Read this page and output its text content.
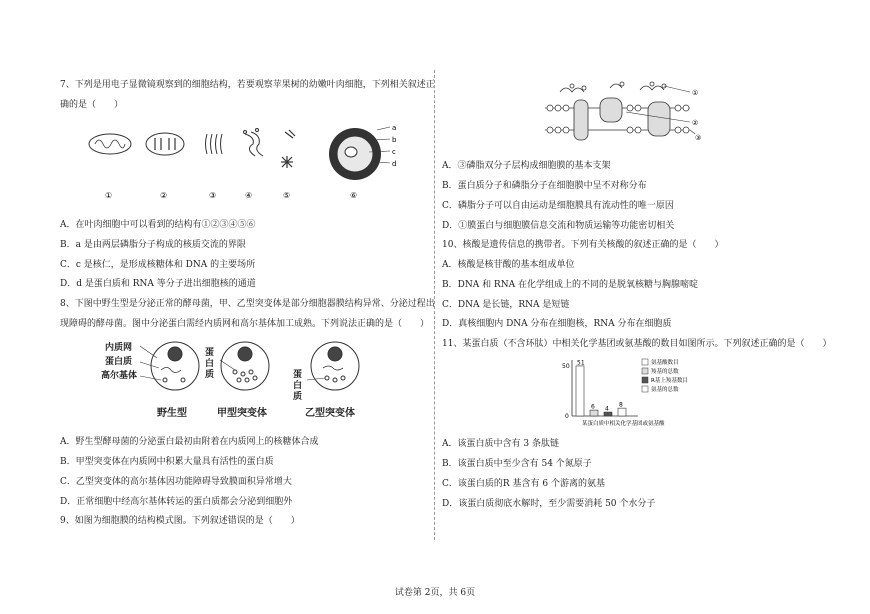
7、下列是用电子显微镜观察到的细胞结构，若要观察苹果树的幼嫩叶肉细胞，下列相关叙述正
确的是（　　）
a
b
c
d
①	②	③	④	⑤	⑥
A．在叶肉细胞中可以看到的结构有①②③④⑤⑥
B．a 是由两层磷脂分子构成的核质交流的界限
C．c 是核仁，是形成核糖体和 DNA 的主要场所
D．d 是蛋白质和 RNA 等分子进出细胞核的通道
8、下图中野生型是分泌正常的酵母菌，甲、乙型突变体是部分细胞器膜结构异常、分泌过程出
现障碍的酵母菌。图中分泌蛋白需经内质网和高尔基体加工成熟。下列说法正确的是（　　）
内质网
蛋白质
高尔基体
蛋白质	蛋白质
野生型	甲型突变体	乙型突变体
A．野生型酵母菌的分泌蛋白最初由附着在内质网上的核糖体合成
B．甲型突变体在内质网中积累大量具有活性的蛋白质
C．乙型突变体的高尔基体因功能障碍导致膜面积异常增大
D．正常细胞中经高尔基体转运的蛋白质都会分泌到细胞外
9、如图为细胞膜的结构模式图。下列叙述错误的是（　　）
①
②
③
A．③磷脂双分子层构成细胞膜的基本支架
B．蛋白质分子和磷脂分子在细胞膜中呈不对称分布
C．磷脂分子可以自由运动是细胞膜具有流动性的唯一原因
D．①膜蛋白与细胞膜信息交流和物质运输等功能密切相关
10、核酸是遗传信息的携带者。下列有关核酸的叙述正确的是（　　）
A．核酸是核苷酸的基本组成单位
B．DNA 和 RNA 在化学组成上的不同的是脱氧核糖与胸腺嘧啶
C．DNA 是长链，RNA 是短链
D．真核细胞内 DNA 分布在细胞核，RNA 分布在细胞质
11、某蛋白质（不含环肽）中相关化学基团或氨基酸的数目如图所示。下列叙述正确的是（　　）
0
50
51
6 4
8
氨基酸数目
羧基的总数
R基上羧基数目
氨基的总数
某蛋白质中相关化学基团或氨基酸
A．该蛋白质中含有 3 条肽链
B．该蛋白质中至少含有 54 个氮原子
C．该蛋白质的R 基含有 6 个游离的氨基
D．该蛋白质彻底水解时，至少需要消耗 50 个水分子
试卷第 2页，共 6页
